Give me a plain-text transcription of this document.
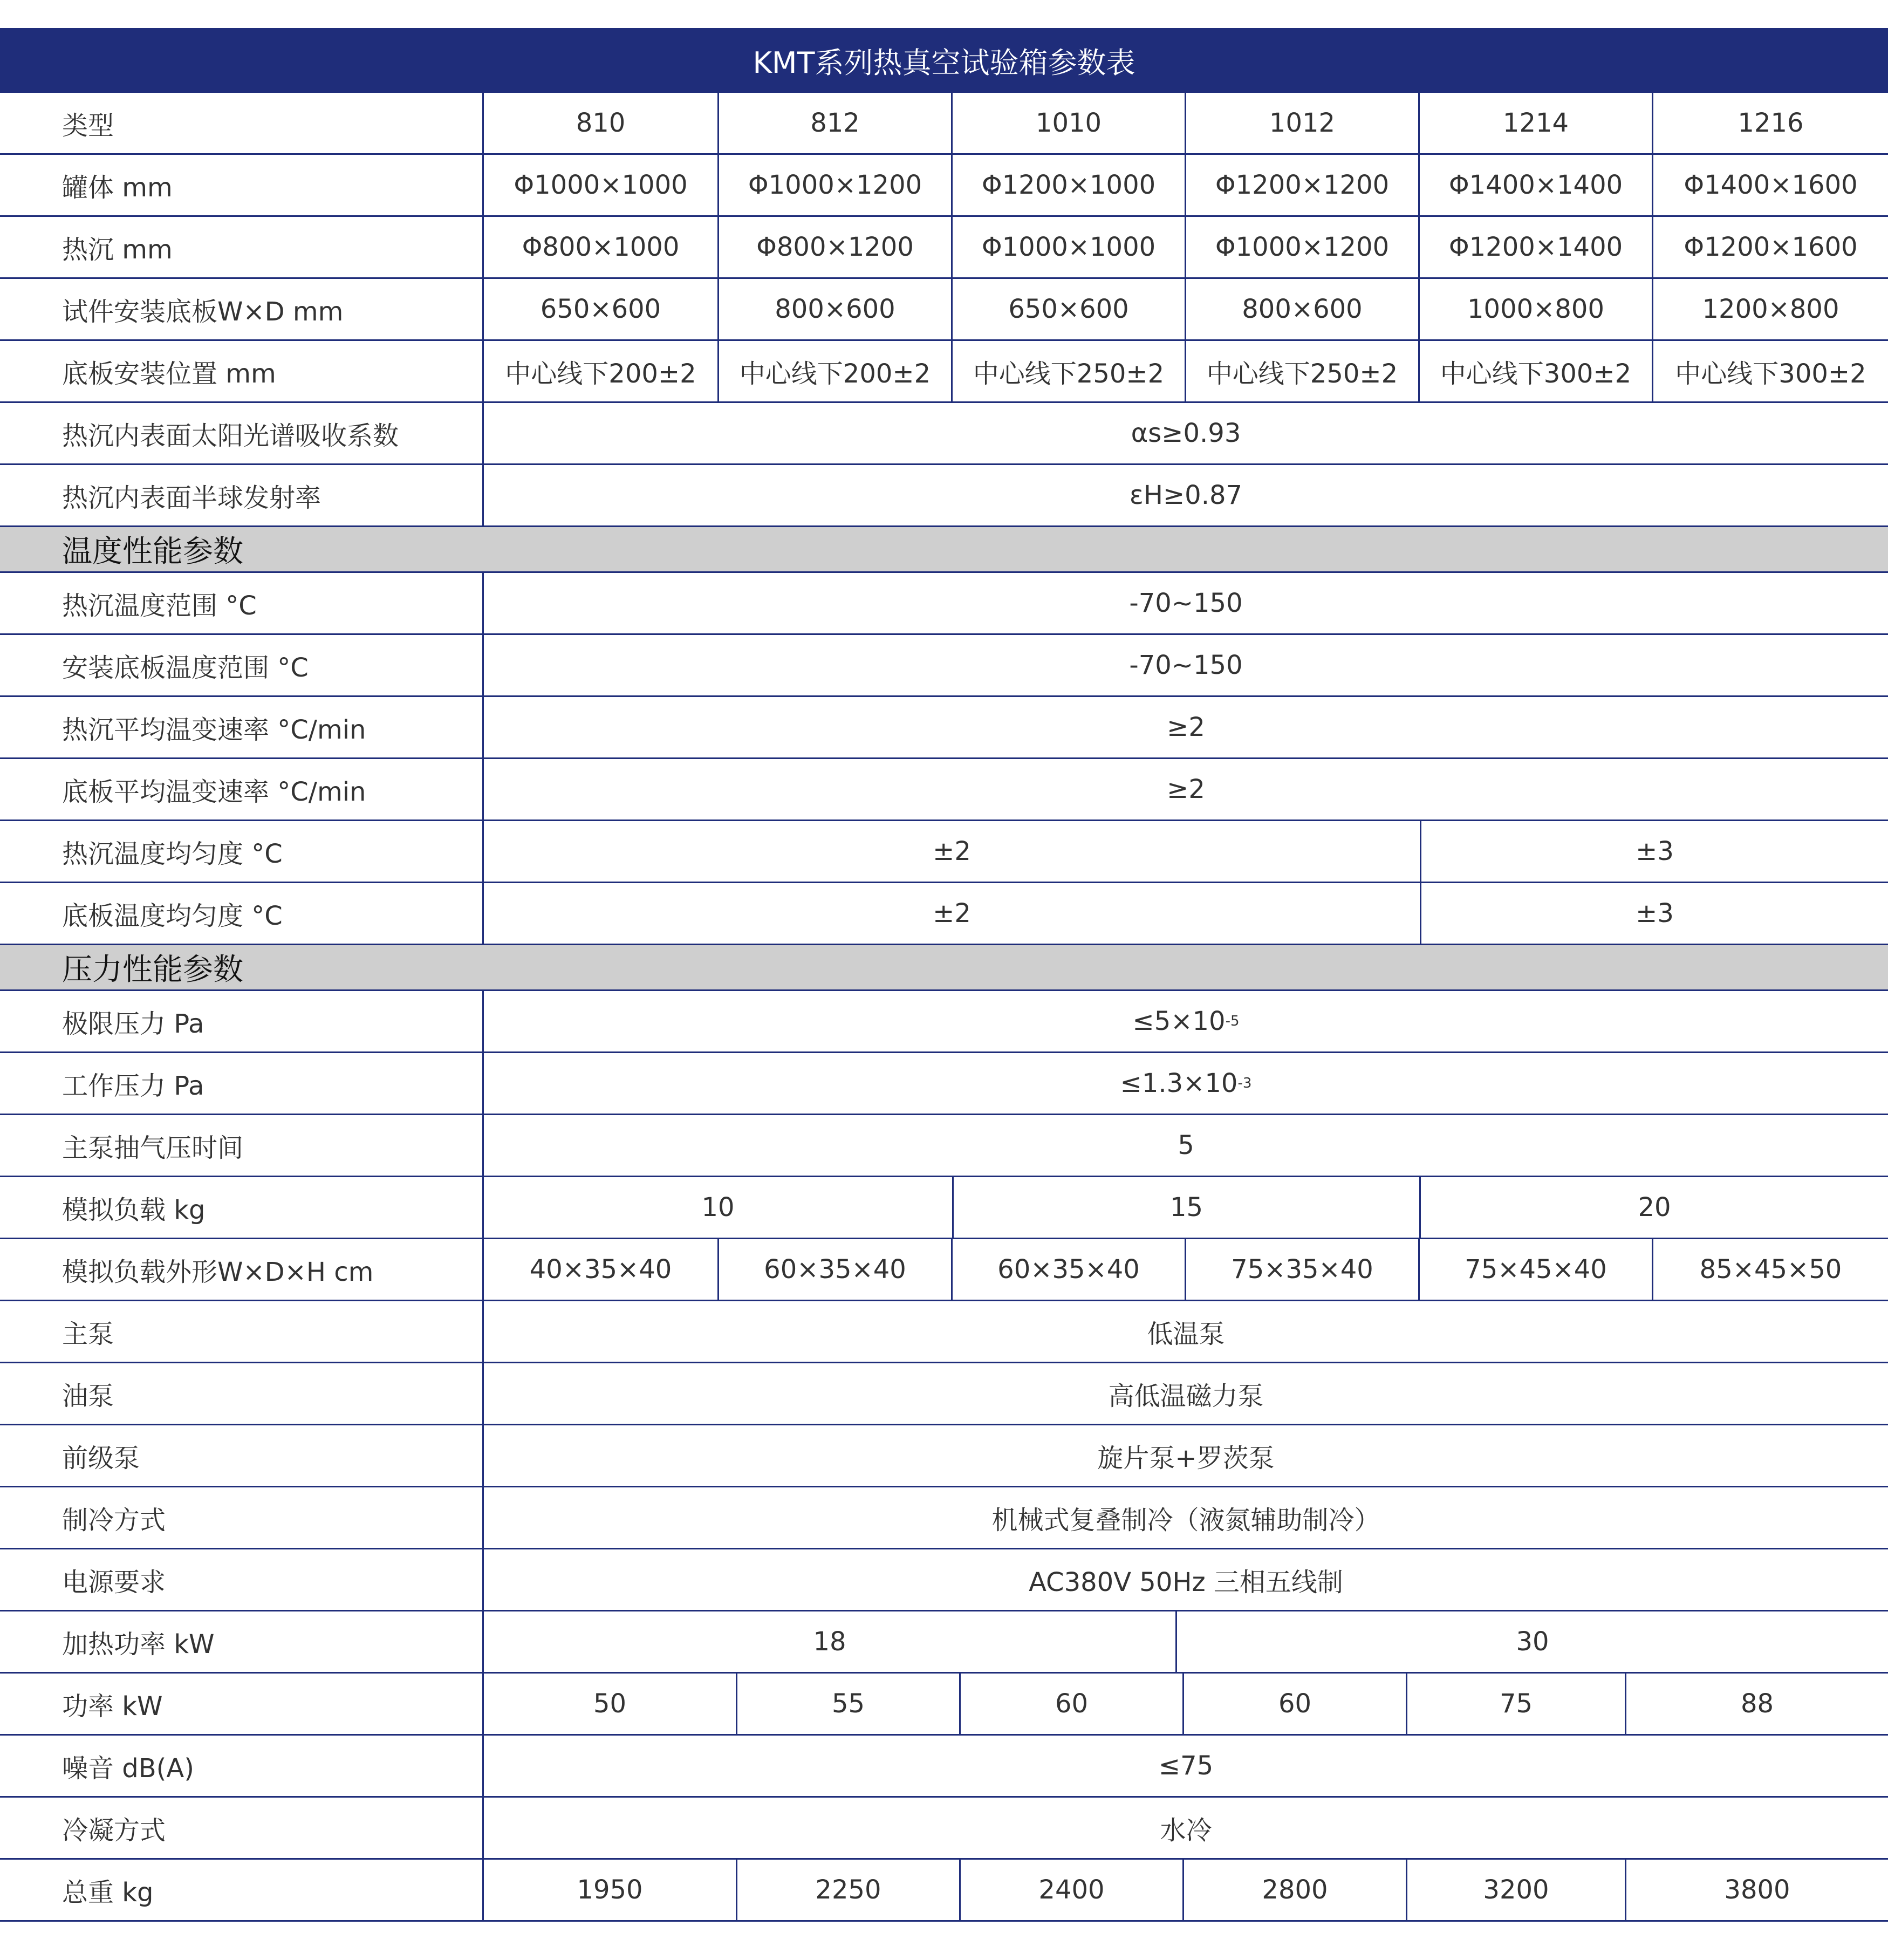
KMT系列热真空试验箱参数表
类型	810	812	1010	1012	1214	1216
罐体 mm	Φ1000×1000	Φ1000×1200	Φ1200×1000	Φ1200×1200	Φ1400×1400	Φ1400×1600
热沉 mm	Φ800×1000	Φ800×1200	Φ1000×1000	Φ1000×1200	Φ1200×1400	Φ1200×1600
试件安装底板W×D mm	650×600	800×600	650×600	800×600	1000×800	1200×800
底板安装位置 mm	中心线下200±2	中心线下200±2	中心线下250±2	中心线下250±2	中心线下300±2	中心线下300±2
热沉内表面太阳光谱吸收系数	αs≥0.93
热沉内表面半球发射率	εH≥0.87
温度性能参数
热沉温度范围 °C	-70~150
安装底板温度范围 °C	-70~150
热沉平均温变速率 °C/min	≥2
底板平均温变速率 °C/min	≥2
热沉温度均匀度 °C	±2	±3
底板温度均匀度 °C	±2	±3
压力性能参数
极限压力 Pa	≤5×10 -5
工作压力 Pa	≤1.3×10 -3
主泵抽气压时间	5
模拟负载 kg	10	15	20
模拟负载外形W×D×H cm	40×35×40	60×35×40	60×35×40	75×35×40	75×45×40	85×45×50
主泵	低温泵
油泵	高低温磁力泵
前级泵	旋片泵+罗茨泵
制冷方式	机械式复叠制冷（液氮辅助制冷）
电源要求	AC380V 50Hz 三相五线制
加热功率 kW	18	30
功率 kW	50	55	60	60	75	88
噪音 dB(A)	≤75
冷凝方式	水冷
总重 kg	1950	2250	2400	2800	3200	3800
